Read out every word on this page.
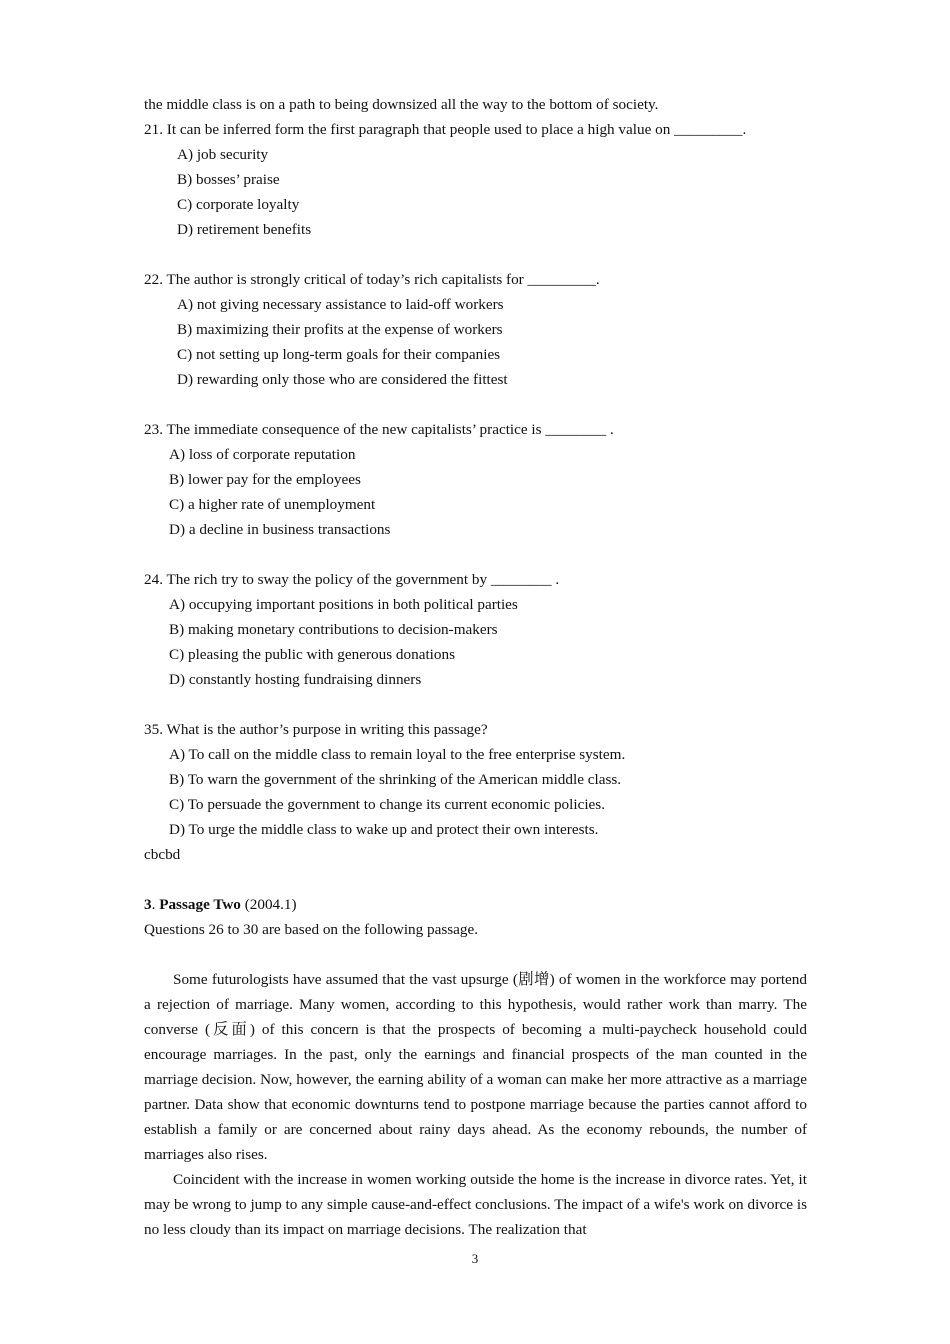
the middle class is on a path to being downsized all the way to the bottom of society.
21. It can be inferred form the first paragraph that people used to place a high value on _________.
A) job security
B) bosses’ praise
C) corporate loyalty
D) retirement benefits
22. The author is strongly critical of today’s rich capitalists for _________.
A) not giving necessary assistance to laid-off workers
B) maximizing their profits at the expense of workers
C) not setting up long-term goals for their companies
D) rewarding only those who are considered the fittest
23. The immediate consequence of the new capitalists’ practice is ________ .
A) loss of corporate reputation
B) lower pay for the employees
C) a higher rate of unemployment
D) a decline in business transactions
24. The rich try to sway the policy of the government by ________ .
A) occupying important positions in both political parties
B) making monetary contributions to decision-makers
C) pleasing the public with generous donations
D) constantly hosting fundraising dinners
35. What is the author’s purpose in writing this passage?
A) To call on the middle class to remain loyal to the free enterprise system.
B) To warn the government of the shrinking of the American middle class.
C) To persuade the government to change its current economic policies.
D) To urge the middle class to wake up and protect their own interests.
cbcbd
3. Passage Two (2004.1)
Questions 26 to 30 are based on the following passage.

Some futurologists have assumed that the vast upsurge (剧增) of women in the workforce may portend a rejection of marriage. Many women, according to this hypothesis, would rather work than marry. The converse (反面) of this concern is that the prospects of becoming a multi-paycheck household could encourage marriages. In the past, only the earnings and financial prospects of the man counted in the marriage decision. Now, however, the earning ability of a woman can make her more attractive as a marriage partner. Data show that economic downturns tend to postpone marriage because the parties cannot afford to establish a family or are concerned about rainy days ahead. As the economy rebounds, the number of marriages also rises.

Coincident with the increase in women working outside the home is the increase in divorce rates. Yet, it may be wrong to jump to any simple cause-and-effect conclusions. The impact of a wife's work on divorce is no less cloudy than its impact on marriage decisions. The realization that

3
